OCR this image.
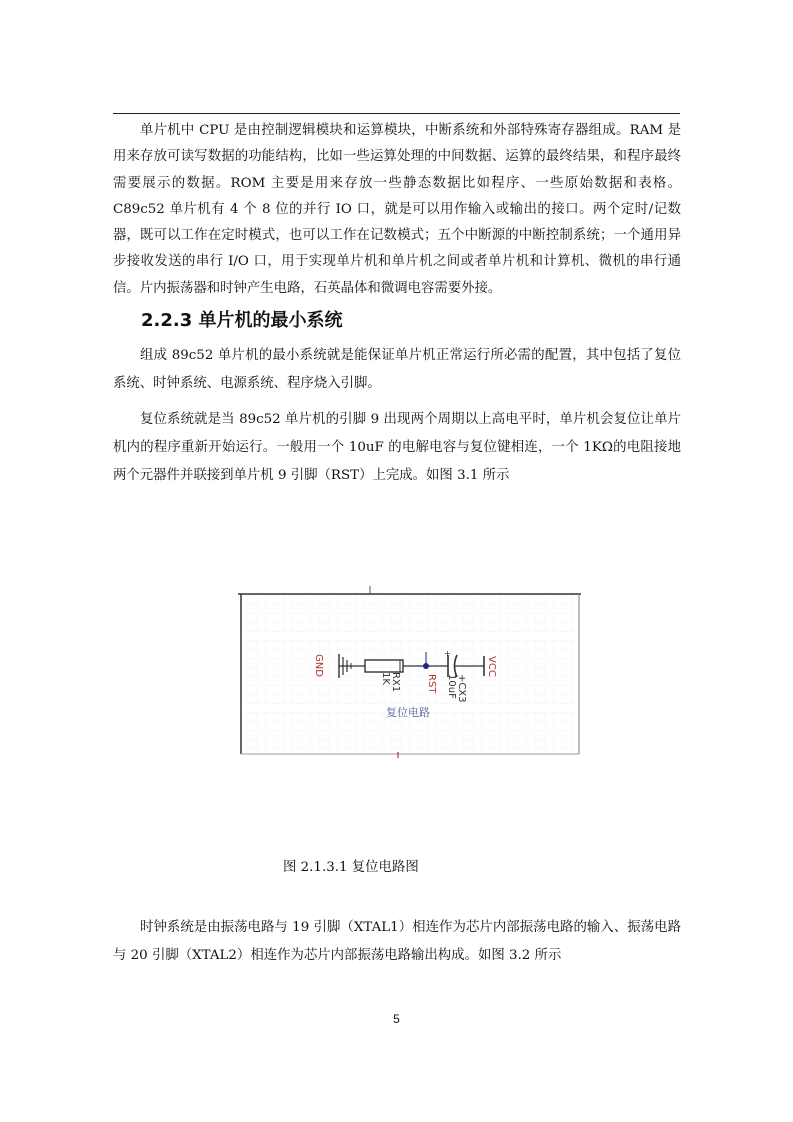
单片机中 CPU 是由控制逻辑模块和运算模块，中断系统和外部特殊寄存器组成。RAM 是用来存放可读写数据的功能结构，比如一些运算处理的中间数据、运算的最终结果，和程序最终需要展示的数据。ROM 主要是用来存放一些静态数据比如程序、一些原始数据和表格。C89c52 单片机有 4 个 8 位的并行 IO 口，就是可以用作输入或输出的接口。两个定时/记数器，既可以工作在定时模式，也可以工作在记数模式；五个中断源的中断控制系统；一个通用异步接收发送的串行 I/O 口，用于实现单片机和单片机之间或者单片机和计算机、微机的串行通信。片内振荡器和时钟产生电路，石英晶体和微调电容需要外接。

2.2.3 单片机的最小系统

组成 89c52 单片机的最小系统就是能保证单片机正常运行所必需的配置，其中包括了复位系统、时钟系统、电源系统、程序烧入引脚。

复位系统就是当 89c52 单片机的引脚 9 出现两个周期以上高电平时，单片机会复位让单片机内的程序重新开始运行。一般用一个 10uF 的电解电容与复位键相连，一个 1KΩ的电阻接地两个元器件并联接到单片机 9 引脚（RST）上完成。如图 3.1 所示

GND
RX1
1K	RST
+
+CX3
10uF
VCC
复位电路

图 2.1.3.1 复位电路图

时钟系统是由振荡电路与 19 引脚（XTAL1）相连作为芯片内部振荡电路的输入、振荡电路与 20 引脚（XTAL2）相连作为芯片内部振荡电路输出构成。如图 3.2 所示

5
